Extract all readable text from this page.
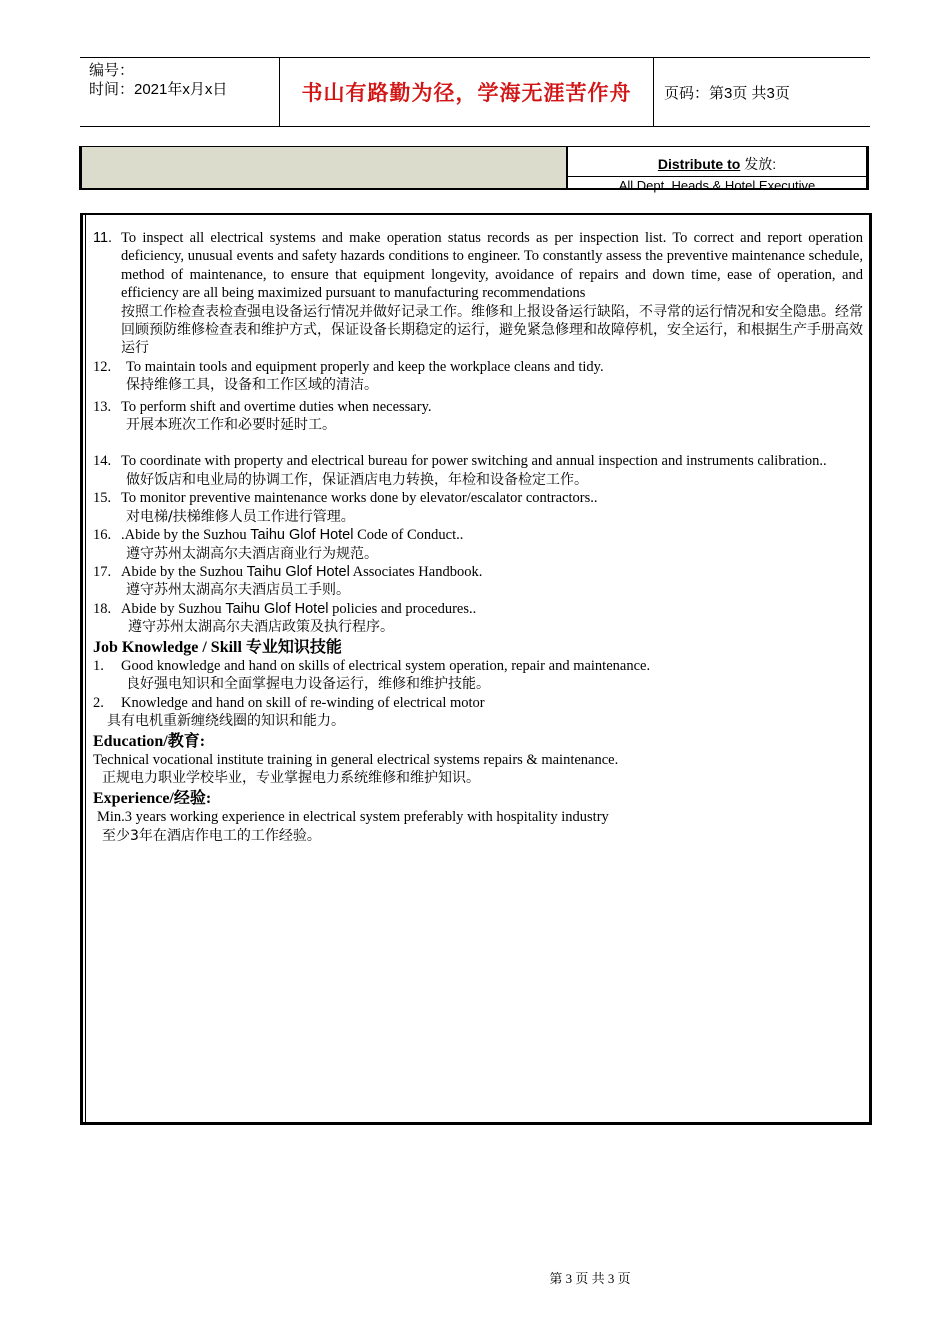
编号：
时间：2021年x月x日	书山有路勤为径，学海无涯苦作舟	页码：第3页 共3页
Distribute to 发放:
All Dept. Heads & Hotel Executive
11. To inspect all electrical systems and make operation status records as per inspection list. To correct and report operation deficiency, unusual events and safety hazards conditions to engineer. To constantly assess the preventive maintenance schedule, method of maintenance, to ensure that equipment longevity, avoidance of repairs and down time, ease of operation, and efficiency are all being maximized pursuant to manufacturing recommendations
按照工作检查表检查强电设备运行情况并做好记录工作。维修和上报设备运行缺陷，不寻常的运行情况和安全隐患。经常回顾预防维修检查表和维护方式，保证设备长期稳定的运行，避免紧急修理和故障停机，安全运行，和根据生产手册高效运行
12.	To maintain tools and equipment properly and keep the workplace cleans and tidy.
保持维修工具，设备和工作区域的清洁。
13. To perform shift and overtime duties when necessary.
开展本班次工作和必要时延时工。
14. To coordinate with property and electrical bureau for power switching and annual inspection and instruments calibration..
做好饭店和电业局的协调工作，保证酒店电力转换，年检和设备检定工作。
15. To monitor preventive maintenance works done by elevator/escalator contractors..
对电梯/扶梯维修人员工作进行管理。
16. .Abide by the Suzhou Taihu Glof Hotel Code of Conduct..
遵守苏州太湖高尔夫酒店商业行为规范。
17. Abide by the Suzhou Taihu Glof Hotel Associates Handbook.
遵守苏州太湖高尔夫酒店员工手则。
18. Abide by Suzhou Taihu Glof Hotel policies and procedures..
遵守苏州太湖高尔夫酒店政策及执行程序。
Job Knowledge / Skill 专业知识技能
1. Good knowledge and hand on skills of electrical system operation, repair and maintenance.
良好强电知识和全面掌握电力设备运行，维修和维护技能。
2. Knowledge and hand on skill of re-winding of electrical motor
具有电机重新缠绕线圈的知识和能力。
Education/教育:
Technical vocational institute training in general electrical systems repairs & maintenance.
正规电力职业学校毕业，专业掌握电力系统维修和维护知识。
Experience/经验:
Min.3 years working experience in electrical system preferably with hospitality industry
至少3年在酒店作电工的工作经验。
第 3 页 共 3 页
